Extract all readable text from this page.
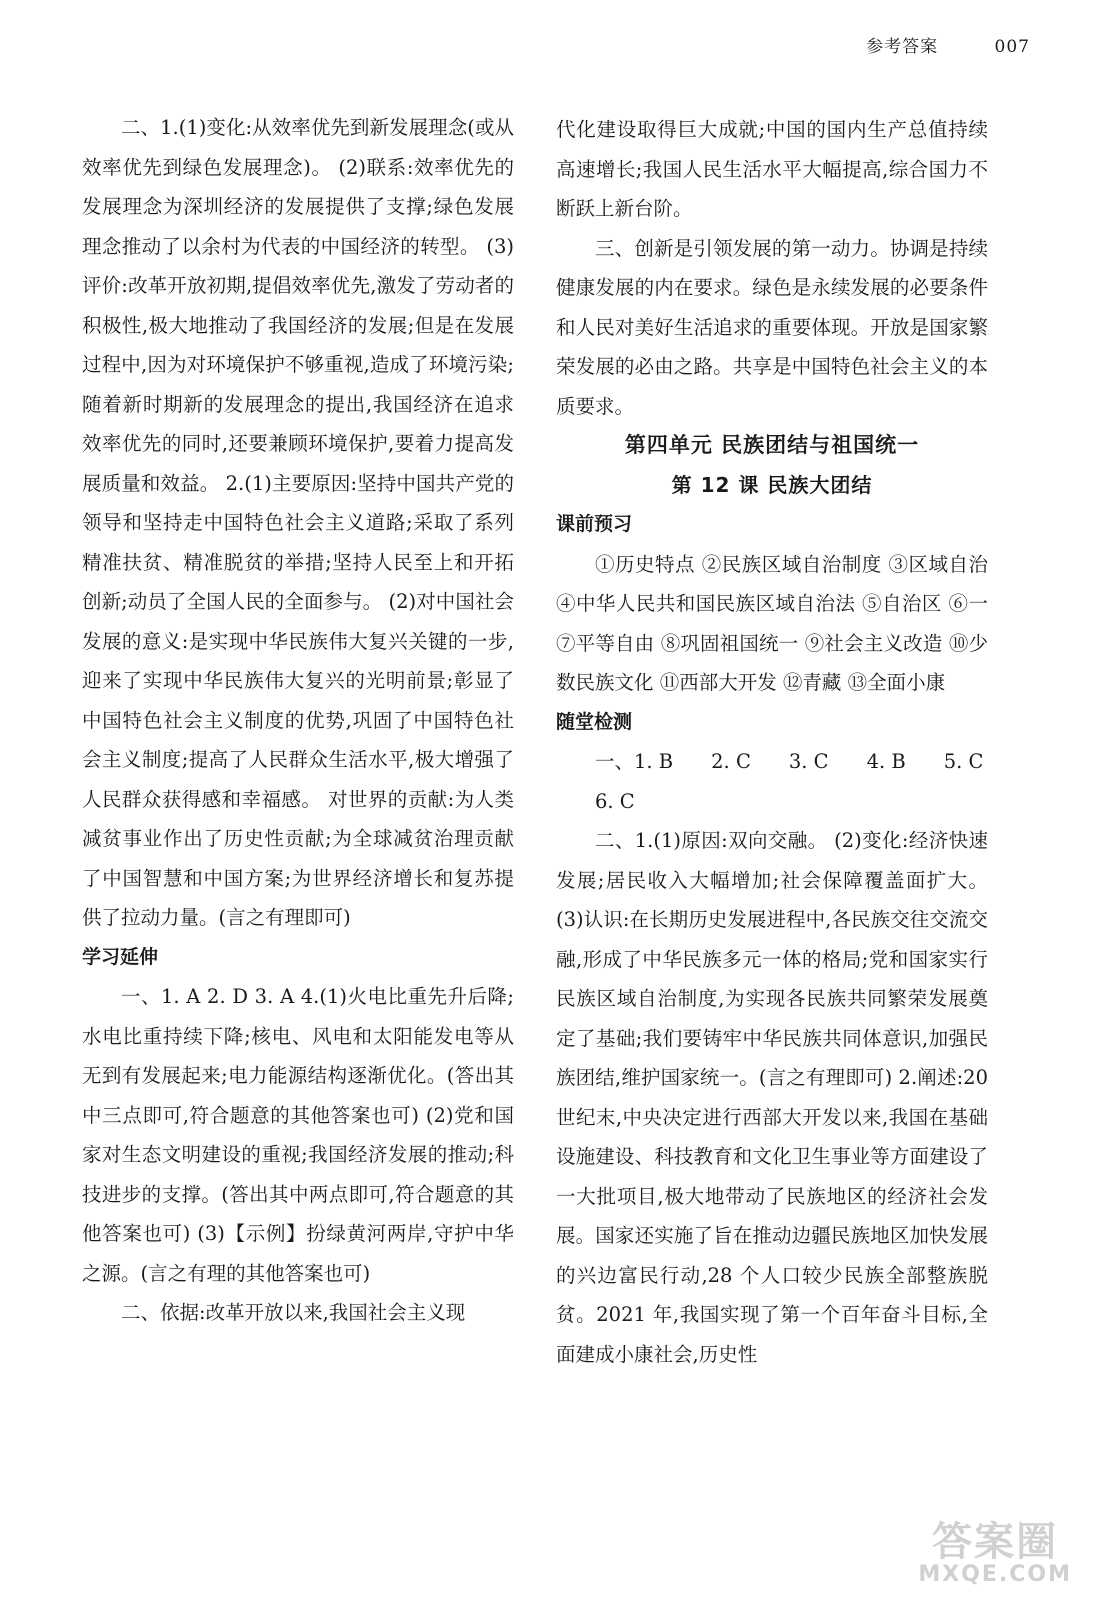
参考答案	007

二、1.(1)变化:从效率优先到新发展理念(或从效率优先到绿色发展理念)。 (2)联系:效率优先的发展理念为深圳经济的发展提供了支撑;绿色发展理念推动了以余村为代表的中国经济的转型。 (3)评价:改革开放初期,提倡效率优先,激发了劳动者的积极性,极大地推动了我国经济的发展;但是在发展过程中,因为对环境保护不够重视,造成了环境污染;随着新时期新的发展理念的提出,我国经济在追求效率优先的同时,还要兼顾环境保护,要着力提高发展质量和效益。 2.(1)主要原因:坚持中国共产党的领导和坚持走中国特色社会主义道路;采取了系列精准扶贫、精准脱贫的举措;坚持人民至上和开拓创新;动员了全国人民的全面参与。 (2)对中国社会发展的意义:是实现中华民族伟大复兴关键的一步,迎来了实现中华民族伟大复兴的光明前景;彰显了中国特色社会主义制度的优势,巩固了中国特色社会主义制度;提高了人民群众生活水平,极大增强了人民群众获得感和幸福感。 对世界的贡献:为人类减贫事业作出了历史性贡献;为全球减贫治理贡献了中国智慧和中国方案;为世界经济增长和复苏提供了拉动力量。(言之有理即可)

学习延伸

一、1. A 2. D 3. A 4.(1)火电比重先升后降;水电比重持续下降;核电、风电和太阳能发电等从无到有发展起来;电力能源结构逐渐优化。(答出其中三点即可,符合题意的其他答案也可) (2)党和国家对生态文明建设的重视;我国经济发展的推动;科技进步的支撑。(答出其中两点即可,符合题意的其他答案也可) (3)【示例】扮绿黄河两岸,守护中华之源。(言之有理的其他答案也可)

二、依据:改革开放以来,我国社会主义现

代化建设取得巨大成就;中国的国内生产总值持续高速增长;我国人民生活水平大幅提高,综合国力不断跃上新台阶。

三、创新是引领发展的第一动力。协调是持续健康发展的内在要求。绿色是永续发展的必要条件和人民对美好生活追求的重要体现。开放是国家繁荣发展的必由之路。共享是中国特色社会主义的本质要求。

第四单元 民族团结与祖国统一

第 12 课 民族大团结

课前预习

①历史特点 ②民族区域自治制度 ③区域自治 ④中华人民共和国民族区域自治法 ⑤自治区 ⑥一 ⑦平等自由 ⑧巩固祖国统一 ⑨社会主义改造 ⑩少数民族文化 ⑪西部大开发 ⑫青藏 ⑬全面小康

随堂检测

一、1. B 2. C 3. C 4. B 5. C

6. C

二、1.(1)原因:双向交融。 (2)变化:经济快速发展;居民收入大幅增加;社会保障覆盖面扩大。 (3)认识:在长期历史发展进程中,各民族交往交流交融,形成了中华民族多元一体的格局;党和国家实行民族区域自治制度,为实现各民族共同繁荣发展奠定了基础;我们要铸牢中华民族共同体意识,加强民族团结,维护国家统一。(言之有理即可) 2.阐述:20 世纪末,中央决定进行西部大开发以来,我国在基础设施建设、科技教育和文化卫生事业等方面建设了一大批项目,极大地带动了民族地区的经济社会发展。国家还实施了旨在推动边疆民族地区加快发展的兴边富民行动,28 个人口较少民族全部整族脱贫。2021 年,我国实现了第一个百年奋斗目标,全面建成小康社会,历史性

答案圈
MXQE.COM
